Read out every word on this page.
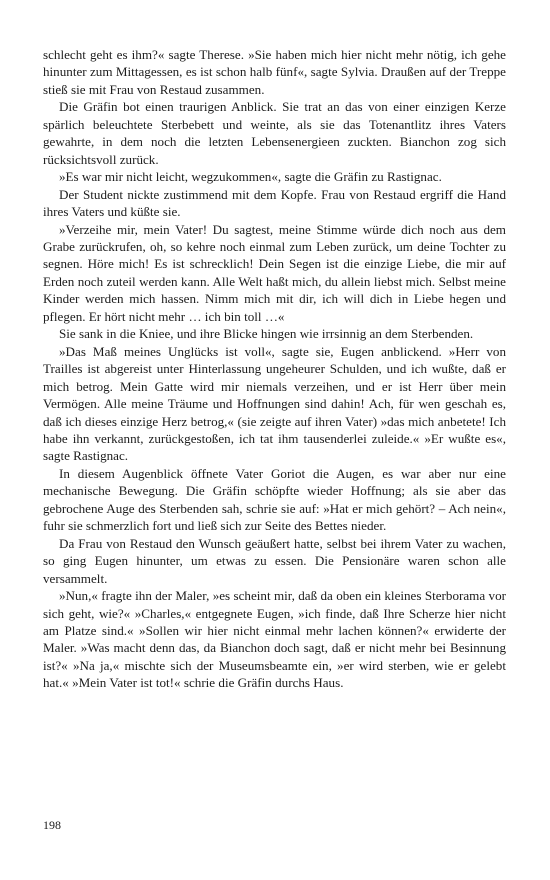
schlecht geht es ihm?« sagte Therese. »Sie haben mich hier nicht mehr nötig, ich gehe hinunter zum Mittagessen, es ist schon halb fünf«, sagte Sylvia. Draußen auf der Treppe stieß sie mit Frau von Restaud zusammen.

Die Gräfin bot einen traurigen Anblick. Sie trat an das von einer einzigen Kerze spärlich beleuchtete Sterbebett und weinte, als sie das Totenantlitz ihres Vaters gewahrte, in dem noch die letzten Lebensenergieen zuckten. Bianchon zog sich rücksichtsvoll zurück.

»Es war mir nicht leicht, wegzukommen«, sagte die Gräfin zu Rastignac.

Der Student nickte zustimmend mit dem Kopfe. Frau von Restaud ergriff die Hand ihres Vaters und küßte sie.

»Verzeihe mir, mein Vater! Du sagtest, meine Stimme würde dich noch aus dem Grabe zurückrufen, oh, so kehre noch einmal zum Leben zurück, um deine Tochter zu segnen. Höre mich! Es ist schrecklich! Dein Segen ist die einzige Liebe, die mir auf Erden noch zuteil werden kann. Alle Welt haßt mich, du allein liebst mich. Selbst meine Kinder werden mich hassen. Nimm mich mit dir, ich will dich in Liebe hegen und pflegen. Er hört nicht mehr … ich bin toll …«

Sie sank in die Kniee, und ihre Blicke hingen wie irrsinnig an dem Sterbenden.

»Das Maß meines Unglücks ist voll«, sagte sie, Eugen anblickend. »Herr von Trailles ist abgereist unter Hinterlassung ungeheurer Schulden, und ich wußte, daß er mich betrog. Mein Gatte wird mir niemals verzeihen, und er ist Herr über mein Vermögen. Alle meine Träume und Hoffnungen sind dahin! Ach, für wen geschah es, daß ich dieses einzige Herz betrog,« (sie zeigte auf ihren Vater) »das mich anbetete! Ich habe ihn verkannt, zurückgestoßen, ich tat ihm tausenderlei zuleide.« »Er wußte es«, sagte Rastignac.

In diesem Augenblick öffnete Vater Goriot die Augen, es war aber nur eine mechanische Bewegung. Die Gräfin schöpfte wieder Hoffnung; als sie aber das gebrochene Auge des Sterbenden sah, schrie sie auf: »Hat er mich gehört? – Ach nein«, fuhr sie schmerzlich fort und ließ sich zur Seite des Bettes nieder.

Da Frau von Restaud den Wunsch geäußert hatte, selbst bei ihrem Vater zu wachen, so ging Eugen hinunter, um etwas zu essen. Die Pensionäre waren schon alle versammelt.

»Nun,« fragte ihn der Maler, »es scheint mir, daß da oben ein kleines Sterborama vor sich geht, wie?« »Charles,« entgegnete Eugen, »ich finde, daß Ihre Scherze hier nicht am Platze sind.« »Sollen wir hier nicht einmal mehr lachen können?« erwiderte der Maler. »Was macht denn das, da Bianchon doch sagt, daß er nicht mehr bei Besinnung ist?« »Na ja,« mischte sich der Museumsbeamte ein, »er wird sterben, wie er gelebt hat.« »Mein Vater ist tot!« schrie die Gräfin durchs Haus.

198
